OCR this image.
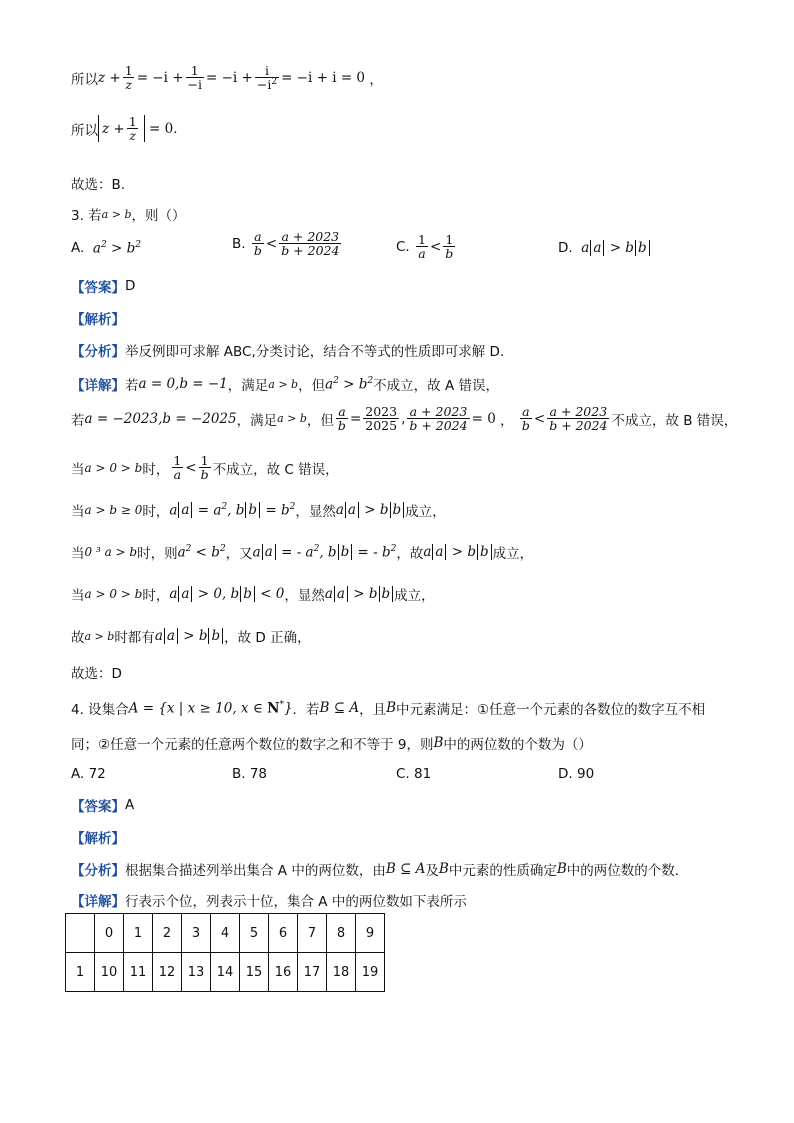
所以 $z + \frac{1}{z} = -i + \frac{1}{-i} = -i + \frac{i}{-i^2} = -i + i = 0$ ，
所以 $z + \frac{1}{z}$
= 0 .
故选：B.
3. 若 a > b ，则（）
A.
$a^2 > b^2$	B.
$\frac{a}{b} < \frac{a + 2023}{b + 2024}$	C.
$\frac{1}{a} < \frac{1}{b}$	D.
a a > b b
【答案】 D
【解析】
【分析】 举反例即可求解 ABC,分类讨论，结合不等式的性质即可求解 D.
【详解】 若 a = 0,b = −1 ，满足 a > b ，但 $a^2 > b^2$ 不成立，故 A 错误，
若 a = −2023,b = −2025 ，满足 a > b ，但 $\frac{a}{b} = \frac{2023}{2025}$ , $\frac{a + 2023}{b + 2024} = 0$ ， $\frac{a}{b} < \frac{a + 2023}{b + 2024}$ 不成立，故 B 错误，
当 a > 0 > b 时， $\frac{1}{a} < \frac{1}{b}$ 不成立，故 C 错误，
当 a > b ≥ 0 时， a $a = a^2$, b $b = b^2$ ，显然 a a > b b 成立，
当 0 ³ a > b 时，则 $a^2 < b^2$ ，又 a a = - $a^2$, b b = - $b^2$ ，故 a a > b b 成立，
当 a > 0 > b 时， a a > 0, b b < 0 ，显然 a a > b b 成立，
故 a > b 时都有 a a > b b ，故 D 正确，
故选：D
4. 设集合 A = {x | x ≥ 10, x ∈ N*} ．若 B ⊆ A ，且 B 中元素满足：①任意一个元素的各数位的数字互不相
同；②任意一个元素的任意两个数位的数字之和不等于 9，则 B 中的两位数的个数为（）
A. 72	B. 78	C. 81	D. 90
【答案】 A
【解析】
【分析】 根据集合描述列举出集合 A 中的两位数，由 B ⊆ A 及 B 中元素的性质确定 B 中的两位数的个数.
【详解】 行表示个位，列表示十位，集合 A 中的两位数如下表所示
	0	1	2	3	4	5	6	7	8	9
1	10	11	12	13	14	15	16	17	18	19
